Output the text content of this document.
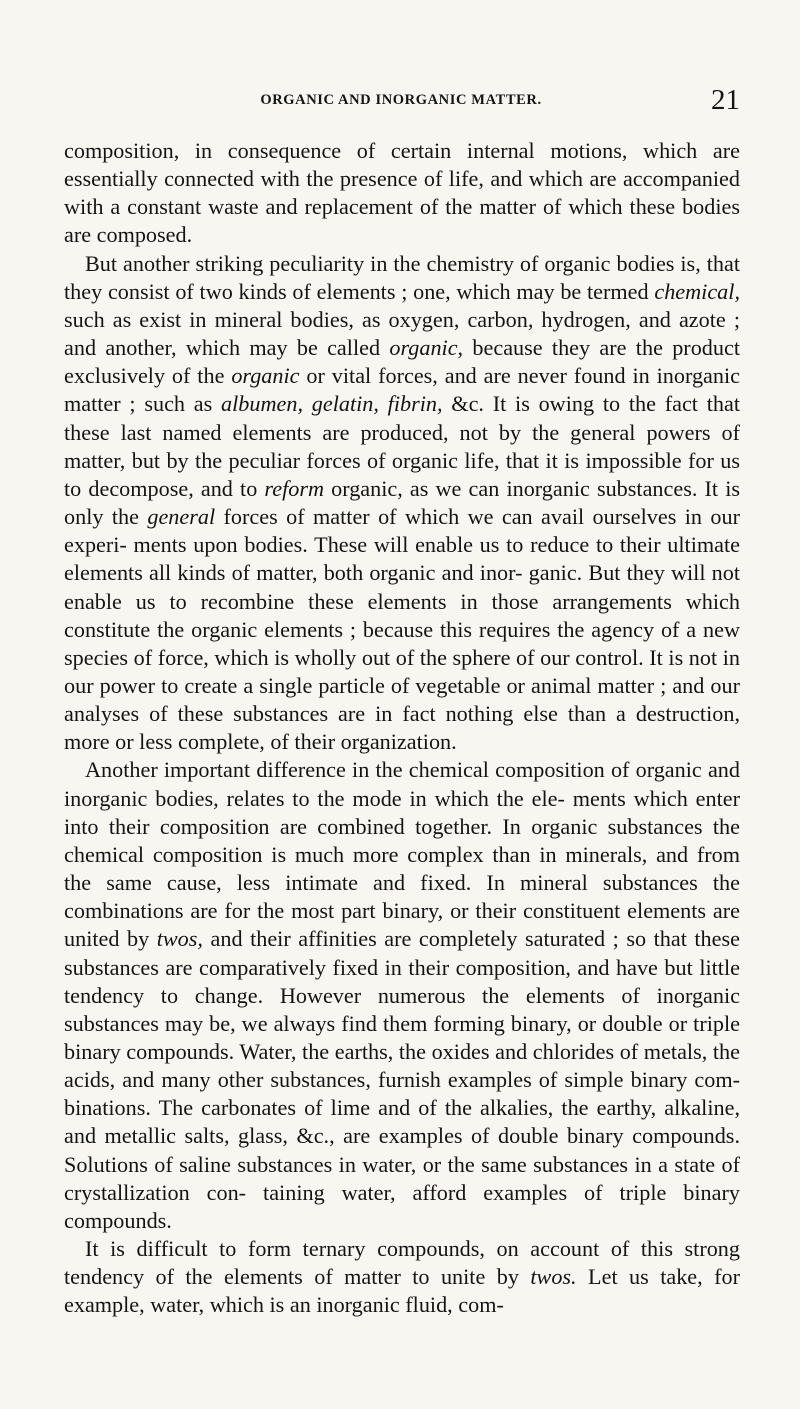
ORGANIC AND INORGANIC MATTER.	21

composition, in consequence of certain internal motions, which are essentially connected with the presence of life, and which are accompanied with a constant waste and replacement of the matter of which these bodies are composed.

But another striking peculiarity in the chemistry of organic bodies is, that they consist of two kinds of elements ; one, which may be termed chemical, such as exist in mineral bodies, as oxygen, carbon, hydrogen, and azote ; and another, which may be called organic, because they are the product exclusively of the organic or vital forces, and are never found in inorganic matter ; such as albumen, gelatin, fibrin, &c. It is owing to the fact that these last named elements are produced, not by the general powers of matter, but by the peculiar forces of organic life, that it is impossible for us to decompose, and to reform organic, as we can inorganic substances. It is only the general forces of matter of which we can avail ourselves in our experi- ments upon bodies. These will enable us to reduce to their ultimate elements all kinds of matter, both organic and inor- ganic. But they will not enable us to recombine these elements in those arrangements which constitute the organic elements ; because this requires the agency of a new species of force, which is wholly out of the sphere of our control. It is not in our power to create a single particle of vegetable or animal matter ; and our analyses of these substances are in fact nothing else than a destruction, more or less complete, of their organization.

Another important difference in the chemical composition of organic and inorganic bodies, relates to the mode in which the ele- ments which enter into their composition are combined together. In organic substances the chemical composition is much more complex than in minerals, and from the same cause, less intimate and fixed. In mineral substances the combinations are for the most part binary, or their constituent elements are united by twos, and their affinities are completely saturated ; so that these substances are comparatively fixed in their composition, and have but little tendency to change. However numerous the elements of inorganic substances may be, we always find them forming binary, or double or triple binary compounds. Water, the earths, the oxides and chlorides of metals, the acids, and many other substances, furnish examples of simple binary com- binations. The carbonates of lime and of the alkalies, the earthy, alkaline, and metallic salts, glass, &c., are examples of double binary compounds. Solutions of saline substances in water, or the same substances in a state of crystallization con- taining water, afford examples of triple binary compounds.

It is difficult to form ternary compounds, on account of this strong tendency of the elements of matter to unite by twos. Let us take, for example, water, which is an inorganic fluid, com-
